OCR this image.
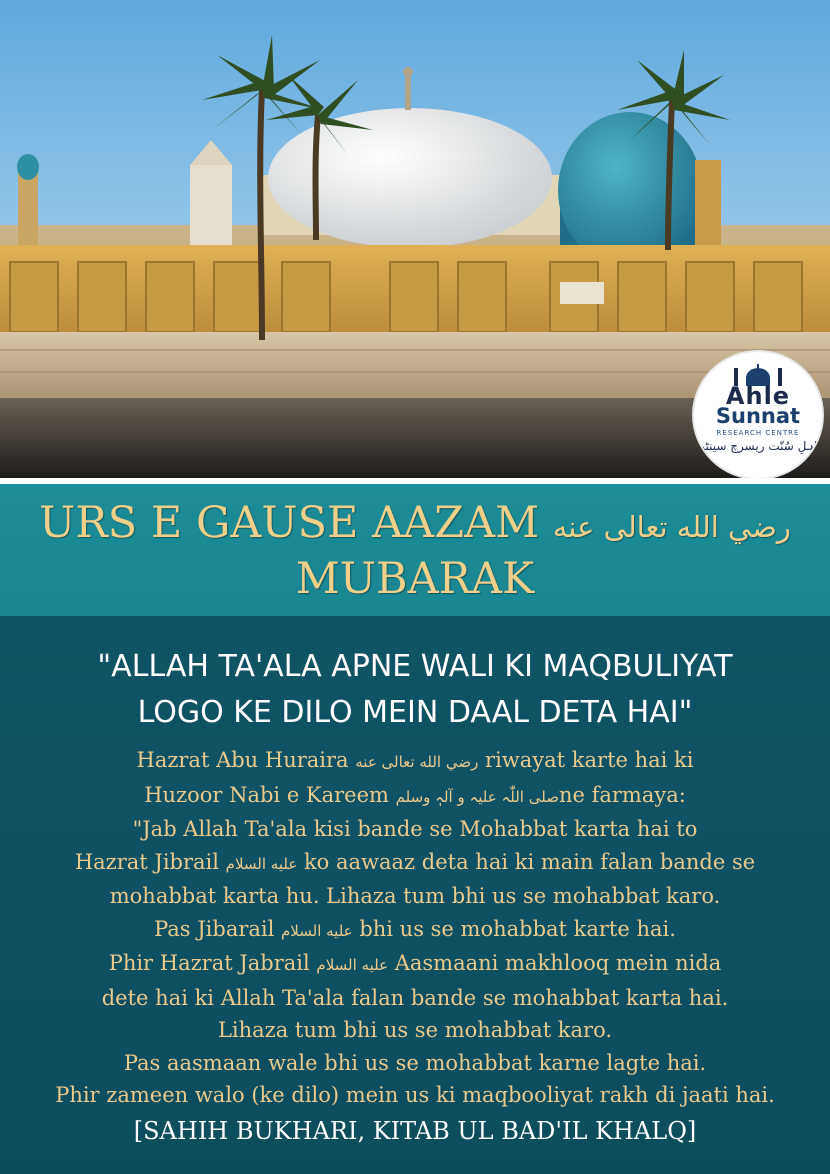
Ahle
Sunnat
RESEARCH CENTRE
اہلِ سُنّت ریسرچ سینٹر
URS E GAUSE AAZAM رضي الله تعالى عنه
MUBARAK
"ALLAH TA'ALA APNE WALI KI MAQBULIYAT
LOGO KE DILO MEIN DAAL DETA HAI"
Hazrat Abu Huraira رضي الله تعالى عنه riwayat karte hai ki
Huzoor Nabi e Kareem صلی اللّٰہ علیہ و آلہٖ وسلمne farmaya:
"Jab Allah Ta'ala kisi bande se Mohabbat karta hai to
Hazrat Jibrail عليه السلام ko aawaaz deta hai ki main falan bande se
mohabbat karta hu. Lihaza tum bhi us se mohabbat karo.
Pas Jibarail عليه السلام bhi us se mohabbat karte hai.
Phir Hazrat Jabrail عليه السلام Aasmaani makhlooq mein nida
dete hai ki Allah Ta'ala falan bande se mohabbat karta hai.
Lihaza tum bhi us se mohabbat karo.
Pas aasmaan wale bhi us se mohabbat karne lagte hai.
Phir zameen walo (ke dilo) mein us ki maqbooliyat rakh di jaati hai.
[SAHIH BUKHARI, KITAB UL BAD'IL KHALQ]
